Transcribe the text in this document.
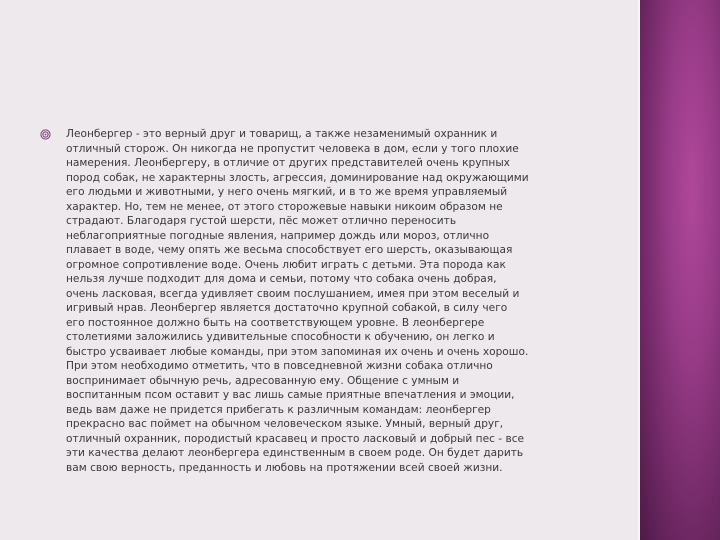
Леонбергер - это верный друг и товарищ, а также незаменимый охранник и
отличный сторож. Он никогда не пропустит человека в дом, если у того плохие
намерения. Леонбергеру, в отличие от других представителей очень крупных
пород собак, не характерны злость, агрессия, доминирование над окружающими
его людьми и животными, у него очень мягкий, и в то же время управляемый
характер. Но, тем не менее, от этого сторожевые навыки никоим образом не
страдают. Благодаря густой шерсти, пёс может отлично переносить
неблагоприятные погодные явления, например дождь или мороз, отлично
плавает в воде, чему опять же весьма способствует его шерсть, оказывающая
огромное сопротивление воде. Очень любит играть с детьми. Эта порода как
нельзя лучше подходит для дома и семьи, потому что собака очень добрая,
очень ласковая, всегда удивляет своим послушанием, имея при этом веселый и
игривый нрав. Леонбергер является достаточно крупной собакой, в силу чего
его постоянное должно быть на соответствующем уровне. В леонбергере
столетиями заложились удивительные способности к обучению, он легко и
быстро усваивает любые команды, при этом запоминая их очень и очень хорошо.
При этом необходимо отметить, что в повседневной жизни собака отлично
воспринимает обычную речь, адресованную ему. Общение с умным и
воспитанным псом оставит у вас лишь самые приятные впечатления и эмоции,
ведь вам даже не придется прибегать к различным командам: леонбергер
прекрасно вас поймет на обычном человеческом языке. Умный, верный друг,
отличный охранник, породистый красавец и просто ласковый и добрый пес - все
эти качества делают леонбергера единственным в своем роде. Он будет дарить
вам свою верность, преданность и любовь на протяжении всей своей жизни.
